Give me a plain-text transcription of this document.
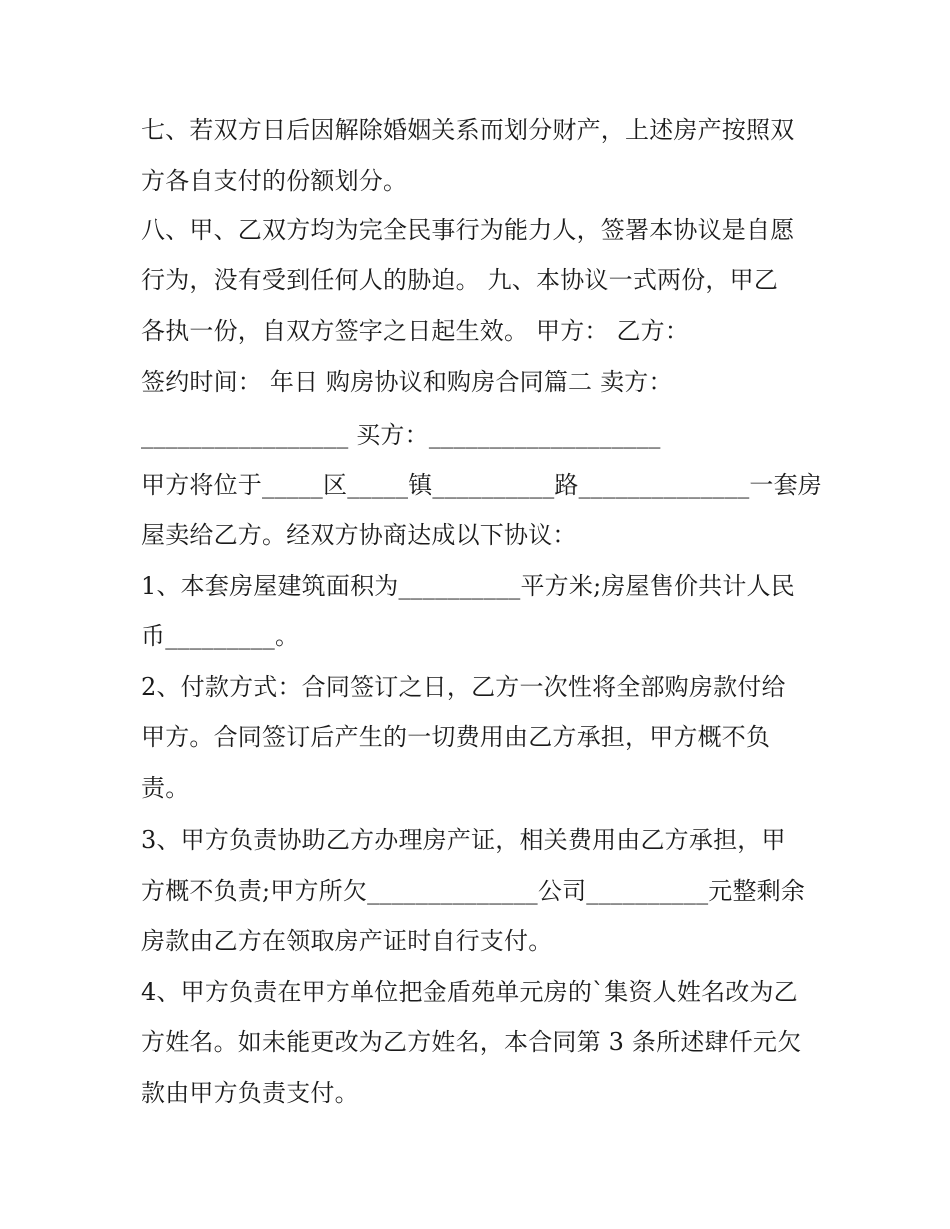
七、若双方日后因解除婚姻关系而划分财产，上述房产按照双
方各自支付的份额划分。
八、甲、乙双方均为完全民事行为能力人，签署本协议是自愿
行为，没有受到任何人的胁迫。 九、本协议一式两份，甲乙
各执一份，自双方签字之日起生效。 甲方： 乙方：
签约时间： 年日 购房协议和购房合同篇二 卖方：
_________________ 买方：___________________
甲方将位于_____区_____镇__________路______________一套房
屋卖给乙方。经双方协商达成以下协议：
1、本套房屋建筑面积为__________平方米;房屋售价共计人民
币_________。
2、付款方式：合同签订之日，乙方一次性将全部购房款付给
甲方。合同签订后产生的一切费用由乙方承担，甲方概不负
责。
3、甲方负责协助乙方办理房产证，相关费用由乙方承担，甲
方概不负责;甲方所欠______________公司__________元整剩余
房款由乙方在领取房产证时自行支付。
4、甲方负责在甲方单位把金盾苑单元房的`集资人姓名改为乙
方姓名。如未能更改为乙方姓名，本合同第 3 条所述肆仟元欠
款由甲方负责支付。
